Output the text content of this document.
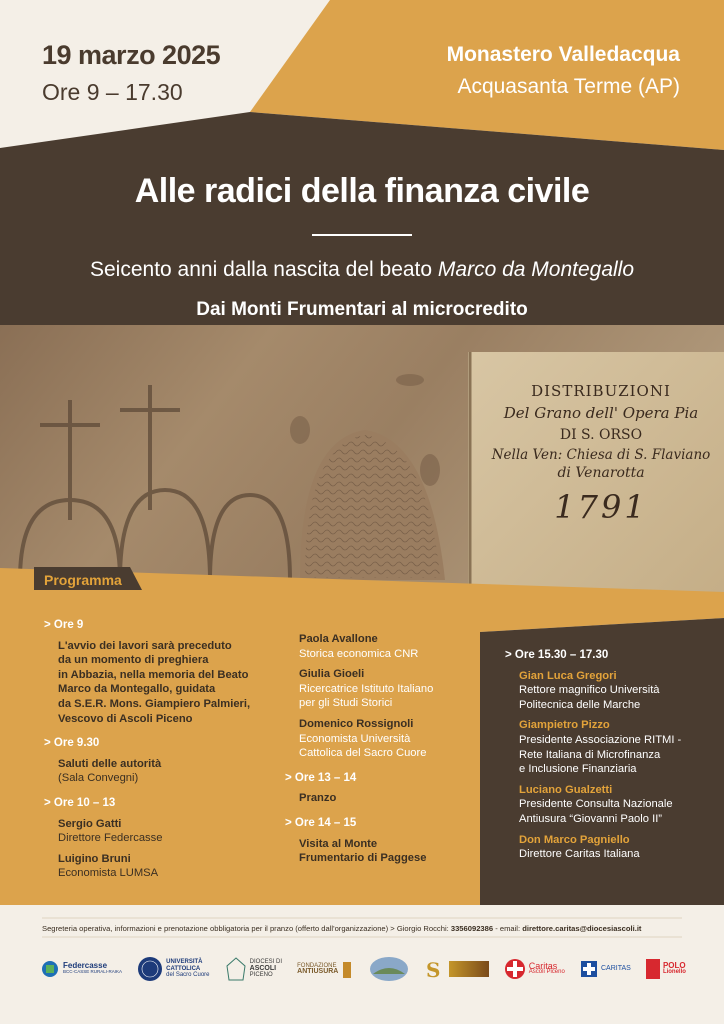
19 marzo 2025
Ore 9 – 17.30
Monastero Valledacqua
Acquasanta Terme (AP)
Alle radici della finanza civile
Seicento anni dalla nascita del beato Marco da Montegallo
Dai Monti Frumentari al microcredito
DISTRIBUZIONI
Del Grano dell' Opera Pia
DI S. ORSO
Nella Ven: Chiesa di S. Flaviano
di Venarotta
1791
Programma
> Ore 9
L'avvio dei lavori sarà preceduto
da un momento di preghiera
in Abbazia, nella memoria del Beato
Marco da Montegallo, guidata
da S.E.R. Mons. Giampiero Palmieri,
Vescovo di Ascoli Piceno
> Ore 9.30
Saluti delle autorità
(Sala Convegni)
> Ore 10 – 13
Sergio Gatti
Direttore Federcasse
Luigino Bruni
Economista LUMSA
Paola Avallone
Storica economica CNR
Giulia Gioeli
Ricercatrice Istituto Italiano
per gli Studi Storici
Domenico Rossignoli
Economista Università
Cattolica del Sacro Cuore
> Ore 13 – 14
Pranzo
> Ore 14 – 15
Visita al Monte
Frumentario di Paggese
> Ore 15.30 – 17.30
Gian Luca Gregori
Rettore magnifico Università
Politecnica delle Marche
Giampietro Pizzo
Presidente Associazione RITMI -
Rete Italiana di Microfinanza
e Inclusione Finanziaria
Luciano Gualzetti
Presidente Consulta Nazionale
Antiusura “Giovanni Paolo II”
Don Marco Pagniello
Direttore Caritas Italiana
Segreteria operativa, informazioni e prenotazione obbligatoria per il pranzo (offerto dall'organizzazione) > Giorgio Rocchi: 3356092386 - email: direttore.caritas@diocesiascoli.it
Federcasse
BCC-CASSE RURALI-RAIKA
UNIVERSITÀ
CATTOLICA
del Sacro Cuore
DIOCESI DI
ASCOLI
PICENO
FONDAZIONE
ANTIUSURA	S	Caritas
Ascoli Piceno
CARITAS	POLO
Lionello
